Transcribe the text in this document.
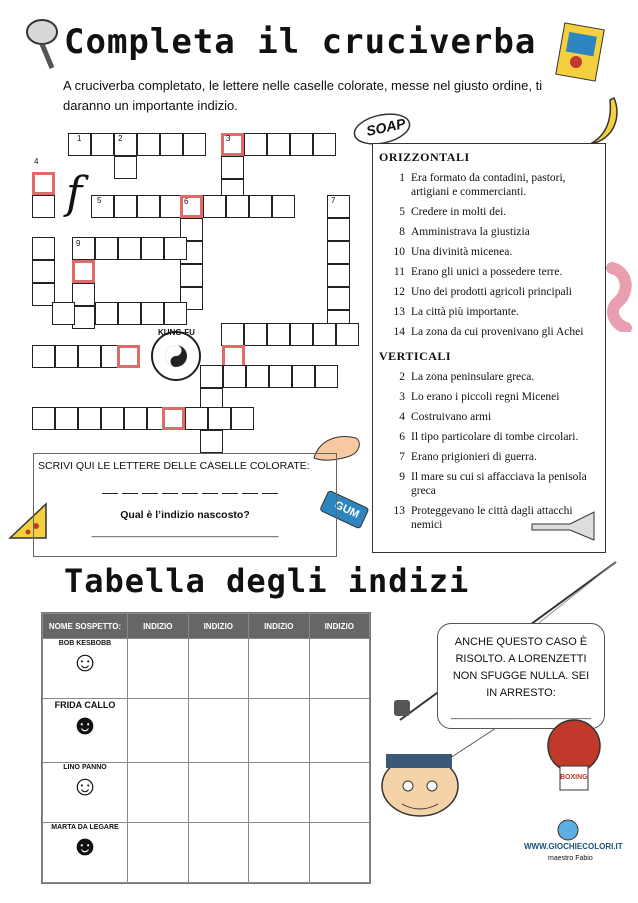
Completa il cruciverba
A cruciverba completato, le lettere nelle caselle colorate, messe nel giusto ordine, ti daranno un importante indizio.
1	2	3
4
f 5	6	7
9
KUNG-FU
SOAP
ORIZZONTALI
1 Era formato da contadini, pastori, artigiani e commercianti.
5 Credere in molti dei.
8 Amministrava la giustizia
10 Una divinità micenea.
11 Erano gli unici a possedere terre.
12 Uno dei prodotti agricoli principali
13 La città più importante.
14 La zona da cui provenivano gli Achei
VERTICALI
2 La zona peninsulare greca.
3 Lo erano i piccoli regni Micenei
4 Costruivano armi
6 Il tipo particolare di tombe circolari.
7 Erano prigionieri di guerra.
9 Il mare su cui si affacciava la penisola greca
13 Proteggevano le città dagli attacchi nemici
GUM
SCRIVI QUI LE LETTERE DELLE CASELLE COLORATE:
Qual è l’indizio nascosto?
________________________________
Tabella degli indizi
NOME SOSPETTO:	INDIZIO	INDIZIO	INDIZIO	INDIZIO

BOB KESBOBB
☺				

FRIDA CALLO
☻				

LINO PANNO
☺				

MARTA DA LEGARE
☻				

ANCHE QUESTO CASO È RISOLTO. A LORENZETTI NON SFUGGE NULLA. SEI IN ARRESTO:
____________________________
BOXING
WWW.GIOCHIECOLORI.IT
maestro Fabio
